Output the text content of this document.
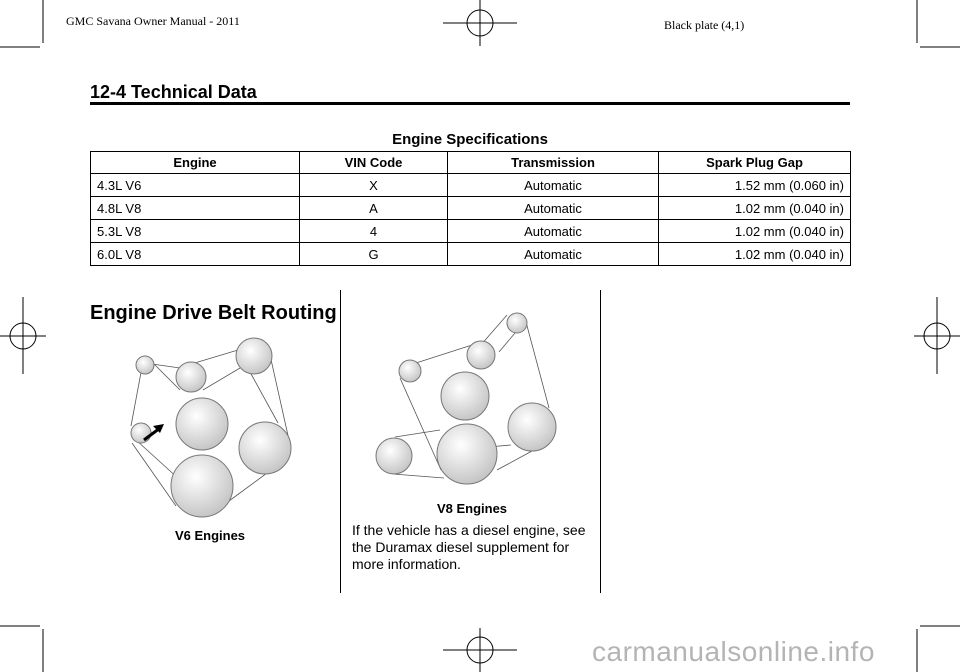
GMC Savana Owner Manual - 2011	Black plate (4,1)
12-4 Technical Data
Engine Specifications
Engine	VIN Code	Transmission	Spark Plug Gap
4.3L V6	X	Automatic	1.52 mm (0.060 in)
4.8L V8	A	Automatic	1.02 mm (0.040 in)
5.3L V8	4	Automatic	1.02 mm (0.040 in)
6.0L V8	G	Automatic	1.02 mm (0.040 in)
Engine Drive Belt Routing
V6 Engines
V8 Engines
If the vehicle has a diesel engine, see the Duramax diesel supplement for more information.
carmanualsonline.info
